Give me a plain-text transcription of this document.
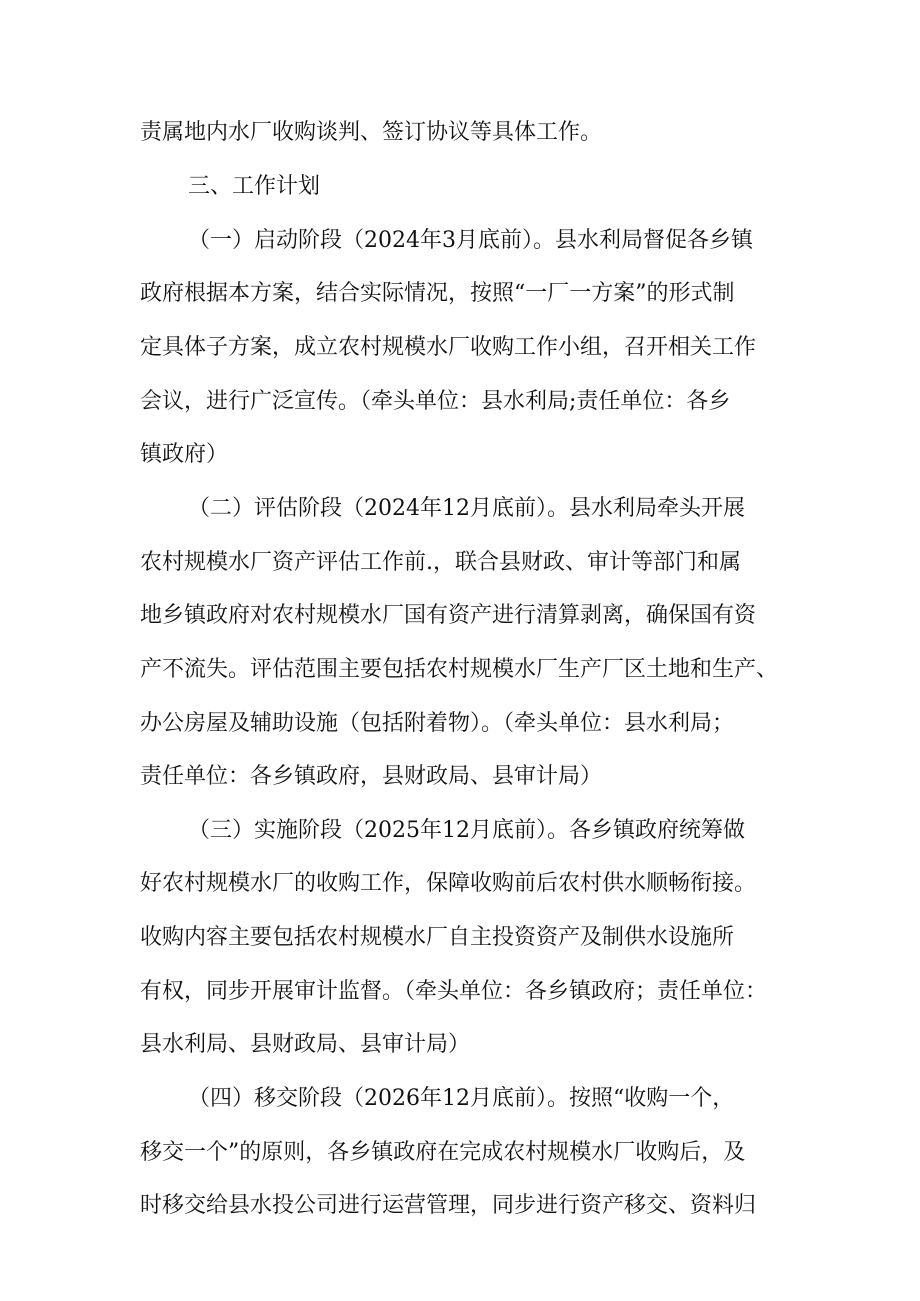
责属地内水厂收购谈判、签订协议等具体工作。
三、工作计划
（一）启动阶段（2024年3月底前）。县水利局督促各乡镇
政府根据本方案，结合实际情况，按照“一厂一方案”的形式制
定具体子方案，成立农村规模水厂收购工作小组，召开相关工作
会议，进行广泛宣传。（牵头单位：县水利局;责任单位：各乡
镇政府）
（二）评估阶段（2024年12月底前）。县水利局牵头开展
农村规模水厂资产评估工作前.，联合县财政、审计等部门和属
地乡镇政府对农村规模水厂国有资产进行清算剥离，确保国有资
产不流失。评估范围主要包括农村规模水厂生产厂区土地和生产、
办公房屋及辅助设施（包括附着物）。（牵头单位：县水利局；
责任单位：各乡镇政府，县财政局、县审计局）
（三）实施阶段（2025年12月底前）。各乡镇政府统筹做
好农村规模水厂的收购工作，保障收购前后农村供水顺畅衔接。
收购内容主要包括农村规模水厂自主投资资产及制供水设施所
有权，同步开展审计监督。（牵头单位：各乡镇政府；责任单位：
县水利局、县财政局、县审计局）
（四）移交阶段（2026年12月底前）。按照“收购一个，
移交一个”的原则，各乡镇政府在完成农村规模水厂收购后，及
时移交给县水投公司进行运营管理，同步进行资产移交、资料归
